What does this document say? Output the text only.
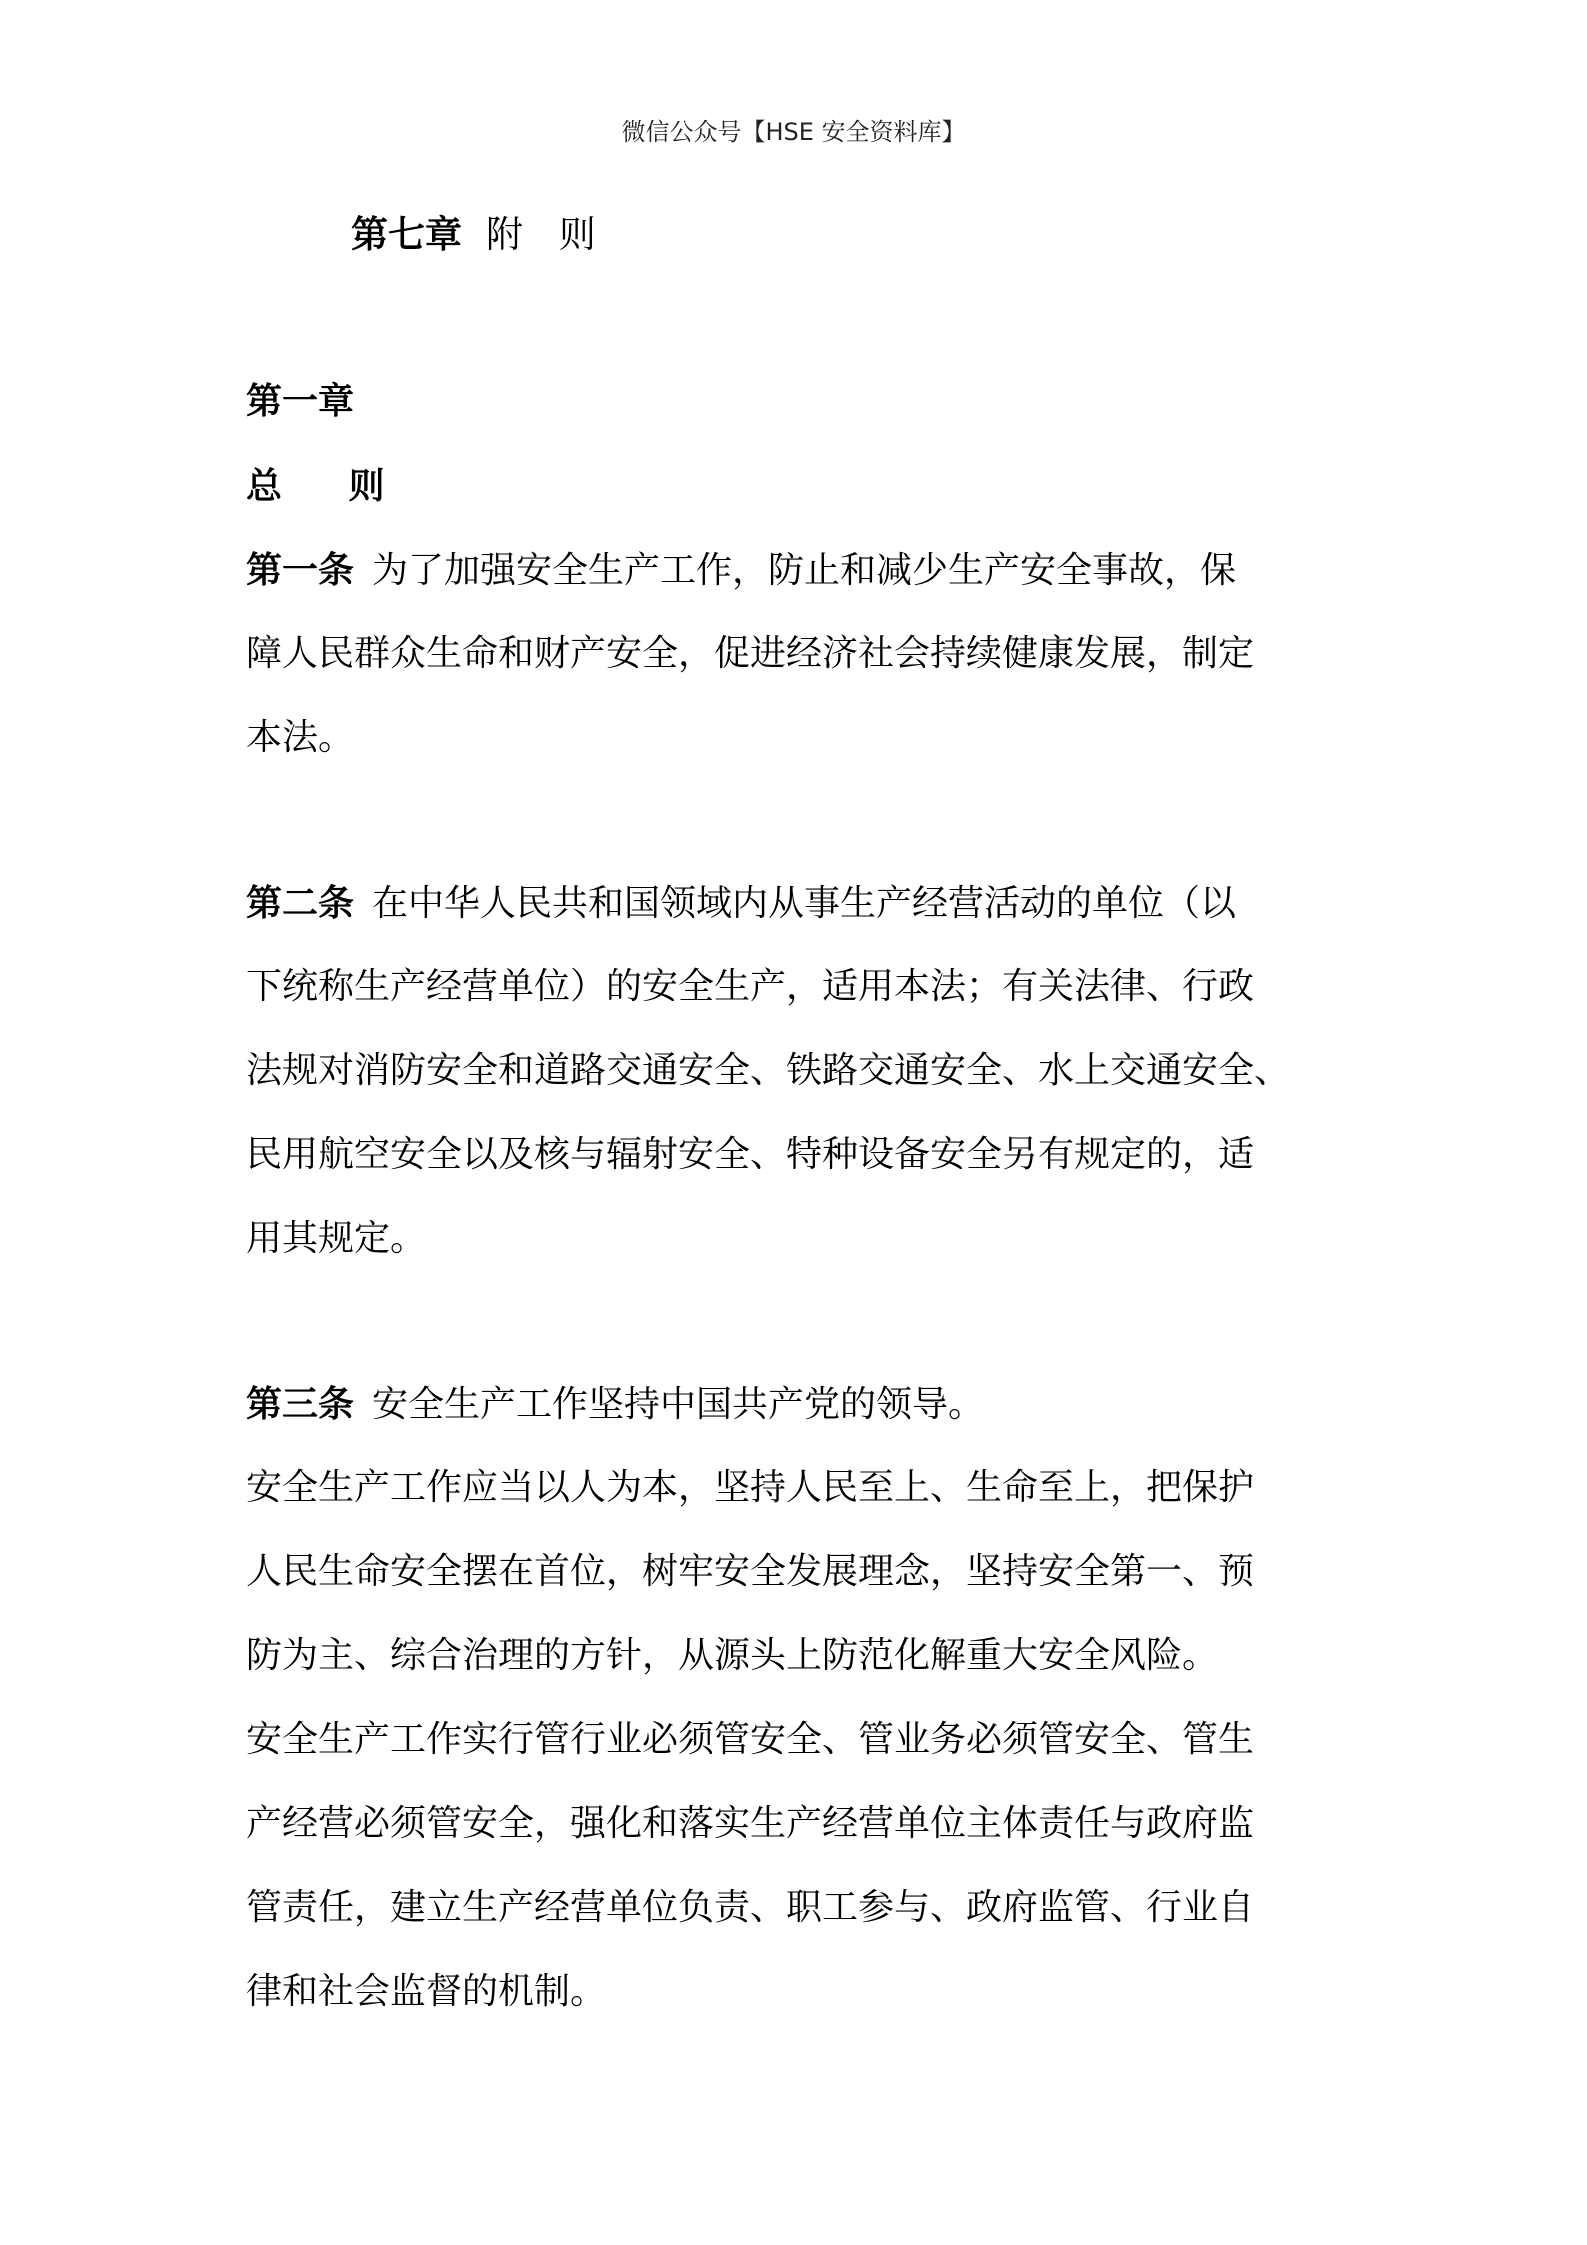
微信公众号【HSE 安全资料库】
第七章 附 则
第一章
总　 则
第一条 为了加强安全生产工作，防止和减少生产安全事故，保
障人民群众生命和财产安全，促进经济社会持续健康发展，制定
本法。
第二条 在中华人民共和国领域内从事生产经营活动的单位（以
下统称生产经营单位）的安全生产，适用本法；有关法律、行政
法规对消防安全和道路交通安全、铁路交通安全、水上交通安全、
民用航空安全以及核与辐射安全、特种设备安全另有规定的，适
用其规定。
第三条 安全生产工作坚持中国共产党的领导。
安全生产工作应当以人为本，坚持人民至上、生命至上，把保护
人民生命安全摆在首位，树牢安全发展理念，坚持安全第一、预
防为主、综合治理的方针，从源头上防范化解重大安全风险。
安全生产工作实行管行业必须管安全、管业务必须管安全、管生
产经营必须管安全，强化和落实生产经营单位主体责任与政府监
管责任，建立生产经营单位负责、职工参与、政府监管、行业自
律和社会监督的机制。
